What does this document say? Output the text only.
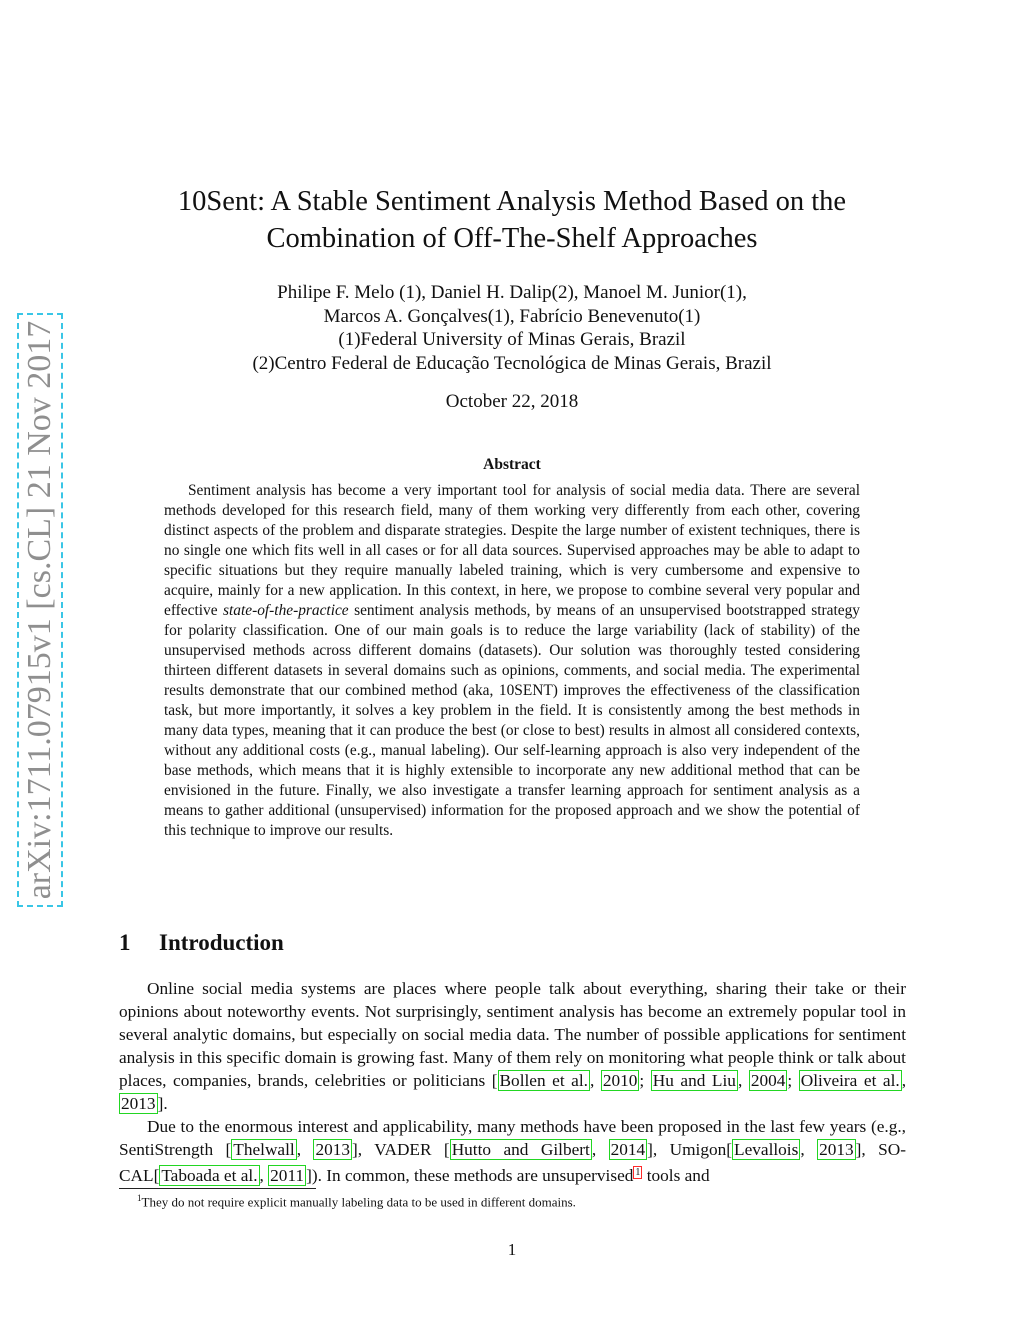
arXiv:1711.07915v1 [cs.CL] 21 Nov 2017
10Sent: A Stable Sentiment Analysis Method Based on the
Combination of Off-The-Shelf Approaches
Philipe F. Melo (1), Daniel H. Dalip(2), Manoel M. Junior(1),
Marcos A. Gonçalves(1), Fabrício Benevenuto(1)
(1)Federal University of Minas Gerais, Brazil
(2)Centro Federal de Educação Tecnológica de Minas Gerais, Brazil
October 22, 2018
Abstract
Sentiment analysis has become a very important tool for analysis of social media data. There are several methods developed for this research field, many of them working very differently from each other, covering distinct aspects of the problem and disparate strategies. Despite the large number of existent techniques, there is no single one which fits well in all cases or for all data sources. Supervised approaches may be able to adapt to specific situations but they require manually labeled training, which is very cumbersome and expensive to acquire, mainly for a new application. In this context, in here, we propose to combine several very popular and effective state-of-the-practice sentiment analysis methods, by means of an unsupervised bootstrapped strategy for polarity classification. One of our main goals is to reduce the large variability (lack of stability) of the unsupervised methods across different domains (datasets). Our solution was thoroughly tested considering thirteen different datasets in several domains such as opinions, comments, and social media. The experimental results demonstrate that our combined method (aka, 10SENT) improves the effectiveness of the classification task, but more importantly, it solves a key problem in the field. It is consistently among the best methods in many data types, meaning that it can produce the best (or close to best) results in almost all considered contexts, without any additional costs (e.g., manual labeling). Our self-learning approach is also very independent of the base methods, which means that it is highly extensible to incorporate any new additional method that can be envisioned in the future. Finally, we also investigate a transfer learning approach for sentiment analysis as a means to gather additional (unsupervised) information for the proposed approach and we show the potential of this technique to improve our results.
1 Introduction

Online social media systems are places where people talk about everything, sharing their take or their opinions about noteworthy events. Not surprisingly, sentiment analysis has become an extremely popular tool in several analytic domains, but especially on social media data. The number of possible applications for sentiment analysis in this specific domain is growing fast. Many of them rely on monitoring what people think or talk about places, companies, brands, celebrities or politicians [ Bollen et al. , 2010 ; Hu and Liu , 2004 ; Oliveira et al. , 2013 ].

Due to the enormous interest and applicability, many methods have been proposed in the last few years (e.g., SentiStrength [ Thelwall , 2013 ], VADER [ Hutto and Gilbert , 2014 ], Umigon[ Levallois , 2013 ], SO-CAL[ Taboada et al. , 2011 ]). In common, these methods are unsupervised $^1$ tools and

$^1$They do not require explicit manually labeling data to be used in different domains.
1
